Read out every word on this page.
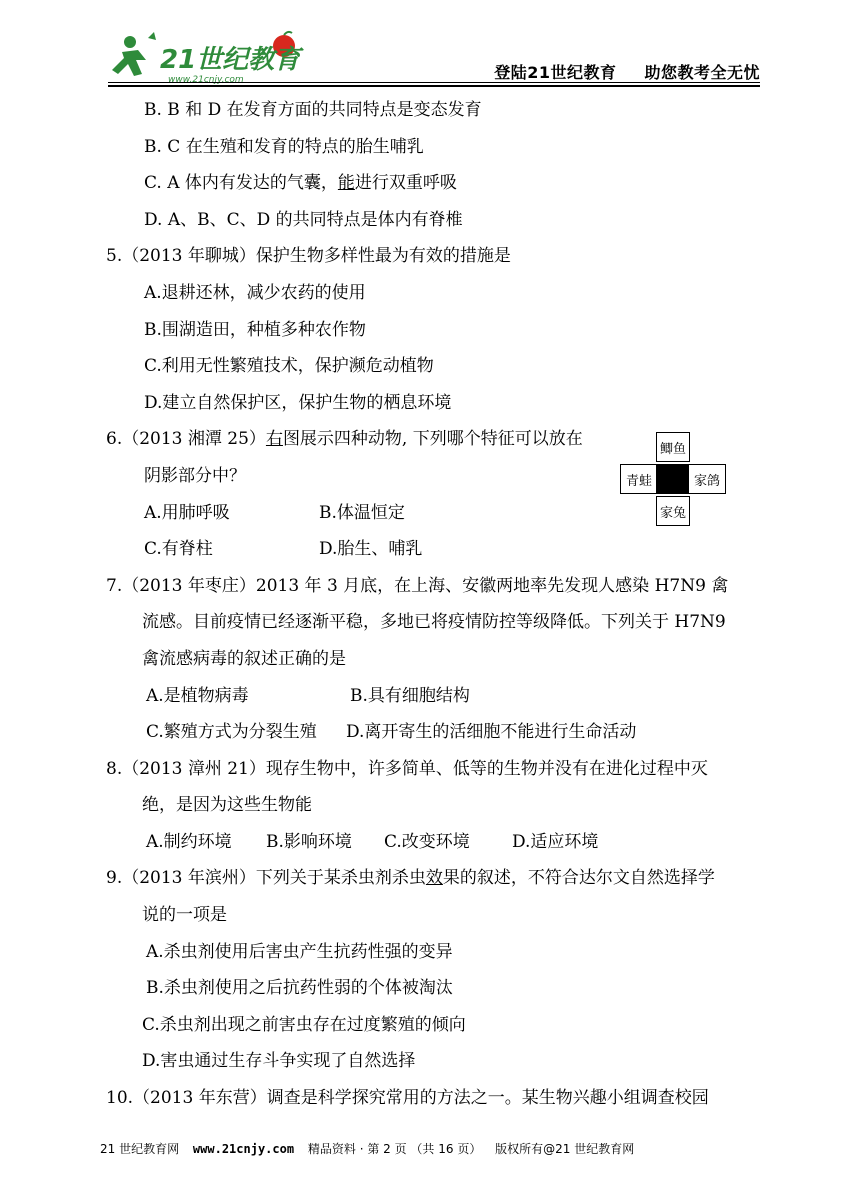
21世纪教育
www.21cnjy.com	登陆21世纪教育 助您教考全无忧
B. B 和 D 在发育方面的共同特点是变态发育
B. C 在生殖和发育的特点的胎生哺乳
C. A 体内有发达的气囊，能进行双重呼吸
D. A、B、C、D 的共同特点是体内有脊椎
5.（2013 年聊城）保护生物多样性最为有效的措施是
A.退耕还林，减少农药的使用
B.围湖造田，种植多种农作物
C.利用无性繁殖技术，保护濒危动植物
D.建立自然保护区，保护生物的栖息环境
6.（2013 湘潭 25）右图展示四种动物, 下列哪个特征可以放在
阴影部分中？
A.用肺呼吸	B.体温恒定
C.有脊柱	D.胎生、哺乳
7.（2013 年枣庄）2013 年 3 月底，在上海、安徽两地率先发现人感染 H7N9 禽
流感。目前疫情已经逐渐平稳，多地已将疫情防控等级降低。下列关于 H7N9
禽流感病毒的叙述正确的是
A.是植物病毒	B.具有细胞结构
C.繁殖方式为分裂生殖 D.离开寄生的活细胞不能进行生命活动
8.（2013 漳州 21）现存生物中，许多简单、低等的生物并没有在进化过程中灭
绝，是因为这些生物能
A.制约环境 B.影响环境 C.改变环境 D.适应环境
9.（2013 年滨州）下列关于某杀虫剂杀虫效果的叙述，不符合达尔文自然选择学
说的一项是
A.杀虫剂使用后害虫产生抗药性强的变异
B.杀虫剂使用之后抗药性弱的个体被淘汰
C.杀虫剂出现之前害虫存在过度繁殖的倾向
D.害虫通过生存斗争实现了自然选择
10.（2013 年东营）调查是科学探究常用的方法之一。某生物兴趣小组调查校园
鲫鱼
青蛙	家鸽
家兔
21 世纪教育网 www.21cnjy.com 精品资料 · 第 2 页 （共 16 页） 版权所有@21 世纪教育网
